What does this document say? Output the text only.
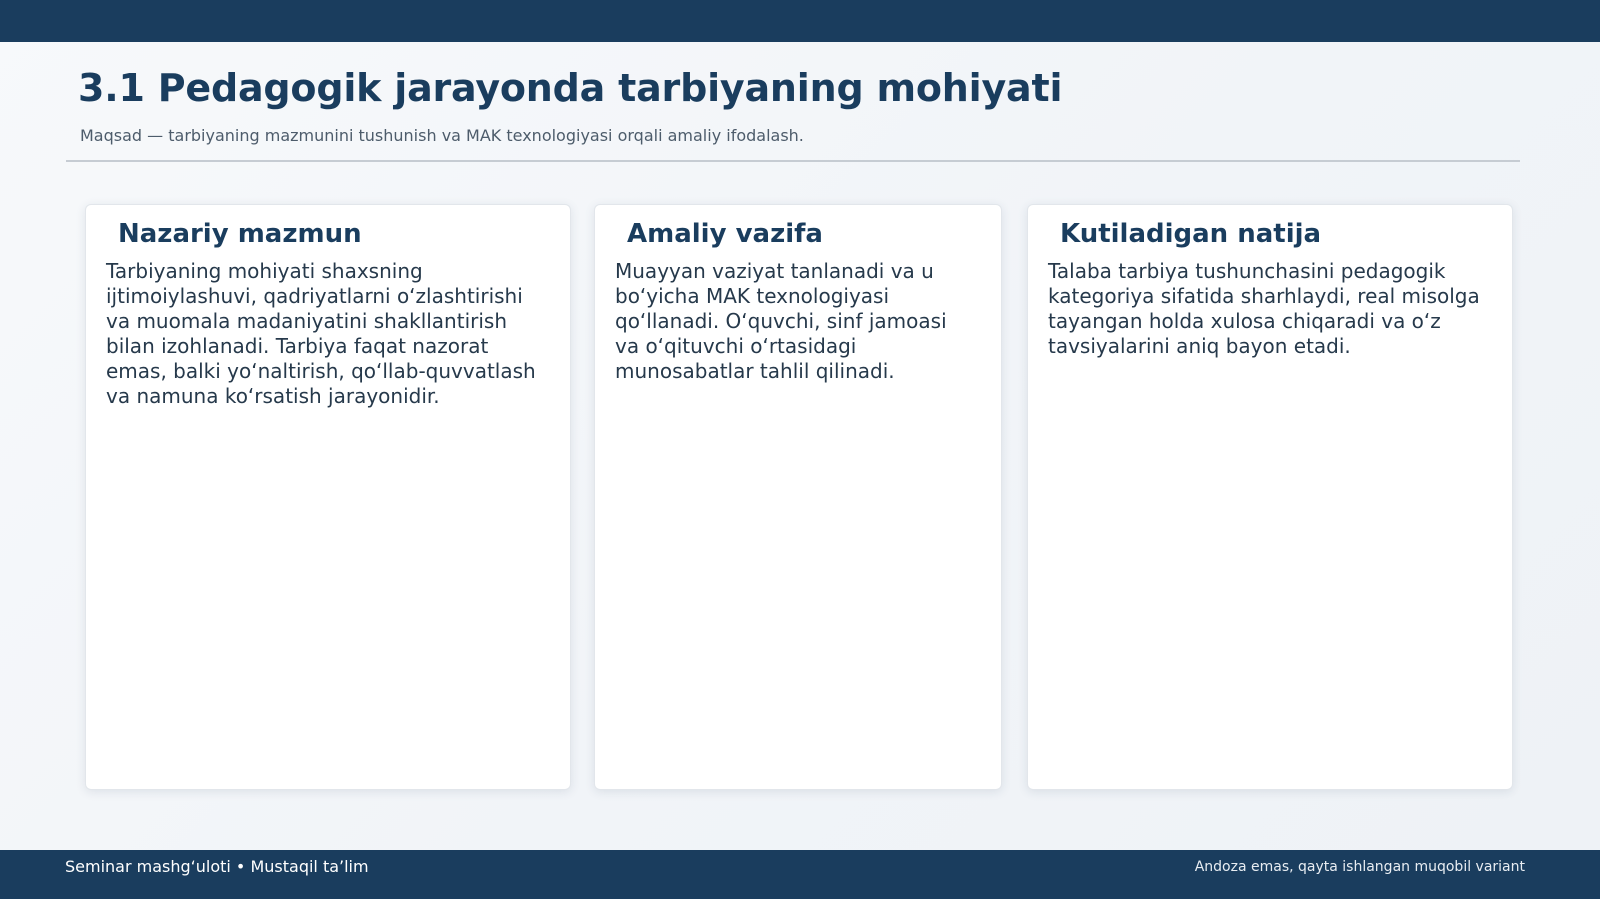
3.1 Pedagogik jarayonda tarbiyaning mohiyati

Maqsad — tarbiyaning mazmunini tushunish va MAK texnologiyasi orqali amaliy ifodalash.

Nazariy mazmun

Tarbiyaning mohiyati shaxsning ijtimoiylashuvi, qadriyatlarni o‘zlashtirishi va muomala madaniyatini shakllantirish bilan izohlanadi. Tarbiya faqat nazorat emas, balki yo‘naltirish, qo‘llab-quvvatlash va namuna ko‘rsatish jarayonidir.

Amaliy vazifa

Muayyan vaziyat tanlanadi va u bo‘yicha MAK texnologiyasi qo‘llanadi. O‘quvchi, sinf jamoasi va o‘qituvchi o‘rtasidagi munosabatlar tahlil qilinadi.

Kutiladigan natija

Talaba tarbiya tushunchasini pedagogik kategoriya sifatida sharhlaydi, real misolga tayangan holda xulosa chiqaradi va o‘z tavsiyalarini aniq bayon etadi.

Seminar mashg‘uloti • Mustaqil ta’lim	Andoza emas, qayta ishlangan muqobil variant
